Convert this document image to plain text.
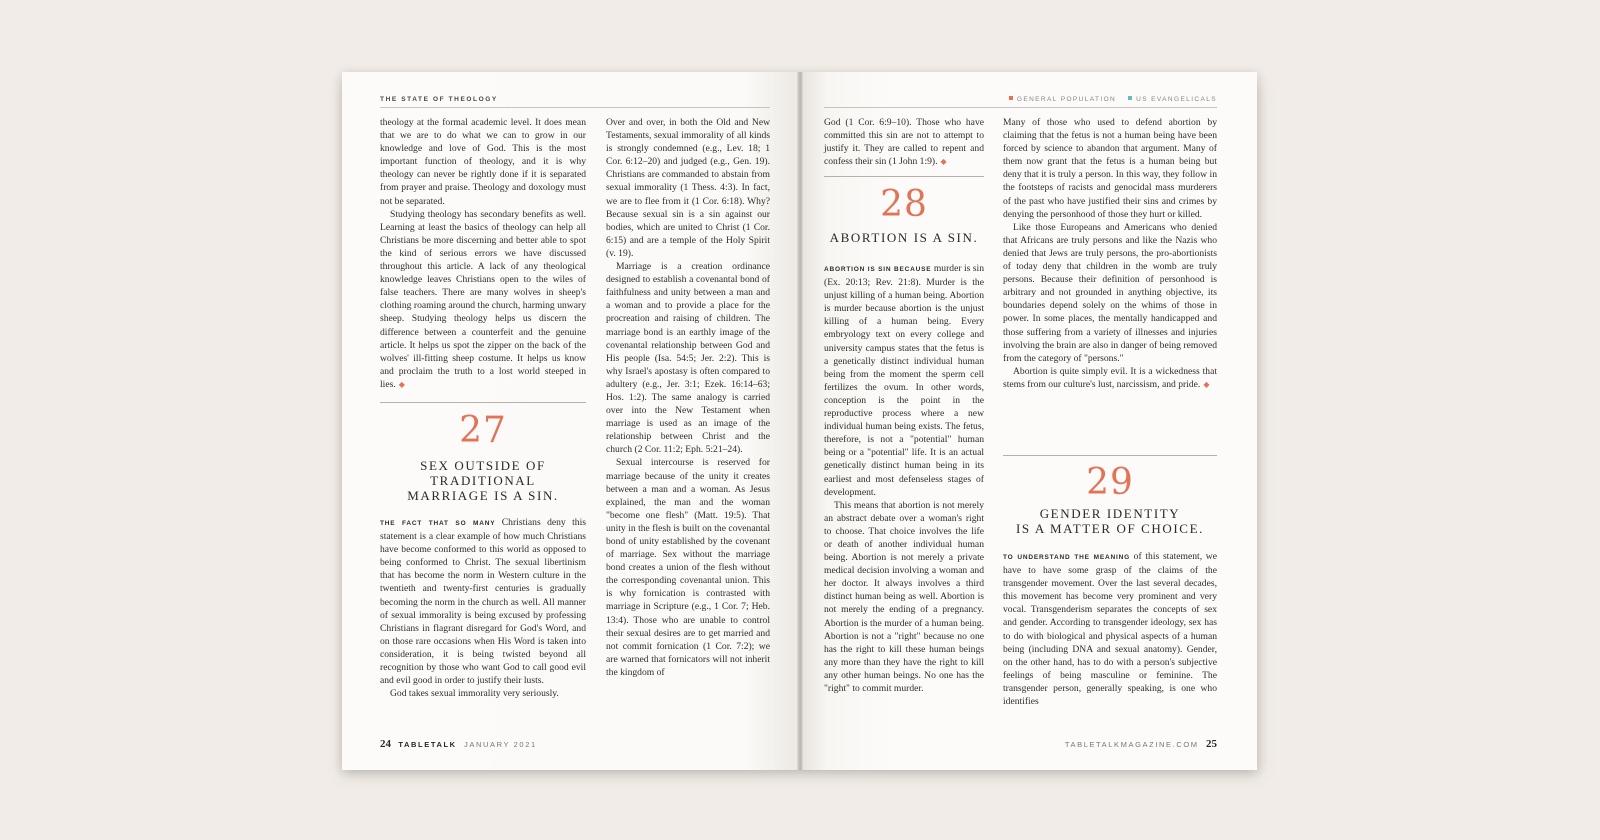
THE STATE OF THEOLOGY

theology at the formal academic level. It does mean that we are to do what we can to grow in our knowledge and love of God. This is the most important function of theology, and it is why theology can never be rightly done if it is separated from prayer and praise. Theology and doxology must not be separated.

Studying theology has secondary benefits as well. Learning at least the basics of theology can help all Christians be more discerning and better able to spot the kind of serious errors we have discussed throughout this article. A lack of any theological knowledge leaves Christians open to the wiles of false teachers. There are many wolves in sheep's clothing roaming around the church, harming unwary sheep. Studying theology helps us discern the difference between a counterfeit and the genuine article. It helps us spot the zipper on the back of the wolves' ill-fitting sheep costume. It helps us know and proclaim the truth to a lost world steeped in lies. ◆

27
SEX OUTSIDE OF
TRADITIONAL
MARRIAGE IS A SIN.

THE FACT THAT SO MANY Christians deny this statement is a clear example of how much Christians have become conformed to this world as opposed to being conformed to Christ. The sexual libertinism that has become the norm in Western culture in the twentieth and twenty-first centuries is gradually becoming the norm in the church as well. All manner of sexual immorality is being excused by professing Christians in flagrant disregard for God's Word, and on those rare occasions when His Word is taken into consideration, it is being twisted beyond all recognition by those who want God to call good evil and evil good in order to justify their lusts.

God takes sexual immorality very seriously.

Over and over, in both the Old and New Testaments, sexual immorality of all kinds is strongly condemned (e.g., Lev. 18; 1 Cor. 6:12–20) and judged (e.g., Gen. 19). Christians are commanded to abstain from sexual immorality (1 Thess. 4:3). In fact, we are to flee from it (1 Cor. 6:18). Why? Because sexual sin is a sin against our bodies, which are united to Christ (1 Cor. 6:15) and are a temple of the Holy Spirit (v. 19).

Marriage is a creation ordinance designed to establish a covenantal bond of faithfulness and unity between a man and a woman and to provide a place for the procreation and raising of children. The marriage bond is an earthly image of the covenantal relationship between God and His people (Isa. 54:5; Jer. 2:2). This is why Israel's apostasy is often compared to adultery (e.g., Jer. 3:1; Ezek. 16:14–63; Hos. 1:2). The same analogy is carried over into the New Testament when marriage is used as an image of the relationship between Christ and the church (2 Cor. 11:2; Eph. 5:21–24).

Sexual intercourse is reserved for marriage because of the unity it creates between a man and a woman. As Jesus explained, the man and the woman "become one flesh" (Matt. 19:5). That unity in the flesh is built on the covenantal bond of unity established by the covenant of marriage. Sex without the marriage bond creates a union of the flesh without the corresponding covenantal union. This is why fornication is contrasted with marriage in Scripture (e.g., 1 Cor. 7; Heb. 13:4). Those who are unable to control their sexual desires are to get married and not commit fornication (1 Cor. 7:2); we are warned that fornicators will not inherit the kingdom of

24 TABLETALK JANUARY 2021
GENERAL POPULATION	US EVANGELICALS

God (1 Cor. 6:9–10). Those who have committed this sin are not to attempt to justify it. They are called to repent and confess their sin (1 John 1:9). ◆

28
ABORTION IS A SIN.

ABORTION IS SIN BECAUSE murder is sin (Ex. 20:13; Rev. 21:8). Murder is the unjust killing of a human being. Abortion is murder because abortion is the unjust killing of a human being. Every embryology text on every college and university campus states that the fetus is a genetically distinct individual human being from the moment the sperm cell fertilizes the ovum. In other words, conception is the point in the reproductive process where a new individual human being exists. The fetus, therefore, is not a "potential" human being or a "potential" life. It is an actual genetically distinct human being in its earliest and most defenseless stages of development.

This means that abortion is not merely an abstract debate over a woman's right to choose. That choice involves the life or death of another individual human being. Abortion is not merely a private medical decision involving a woman and her doctor. It always involves a third distinct human being as well. Abortion is not merely the ending of a pregnancy. Abortion is the murder of a human being. Abortion is not a "right" because no one has the right to kill these human beings any more than they have the right to kill any other human beings. No one has the "right" to commit murder.

Many of those who used to defend abortion by claiming that the fetus is not a human being have been forced by science to abandon that argument. Many of them now grant that the fetus is a human being but deny that it is truly a person. In this way, they follow in the footsteps of racists and genocidal mass murderers of the past who have justified their sins and crimes by denying the personhood of those they hurt or killed.

Like those Europeans and Americans who denied that Africans are truly persons and like the Nazis who denied that Jews are truly persons, the pro-abortionists of today deny that children in the womb are truly persons. Because their definition of personhood is arbitrary and not grounded in anything objective, its boundaries depend solely on the whims of those in power. In some places, the mentally handicapped and those suffering from a variety of illnesses and injuries involving the brain are also in danger of being removed from the category of "persons."

Abortion is quite simply evil. It is a wickedness that stems from our culture's lust, narcissism, and pride. ◆

29
GENDER IDENTITY
IS A MATTER OF CHOICE.

TO UNDERSTAND THE MEANING of this statement, we have to have some grasp of the claims of the transgender movement. Over the last several decades, this movement has become very prominent and very vocal. Transgenderism separates the concepts of sex and gender. According to transgender ideology, sex has to do with biological and physical aspects of a human being (including DNA and sexual anatomy). Gender, on the other hand, has to do with a person's subjective feelings of being masculine or feminine. The transgender person, generally speaking, is one who identifies

TABLETALKMAGAZINE.COM 25
